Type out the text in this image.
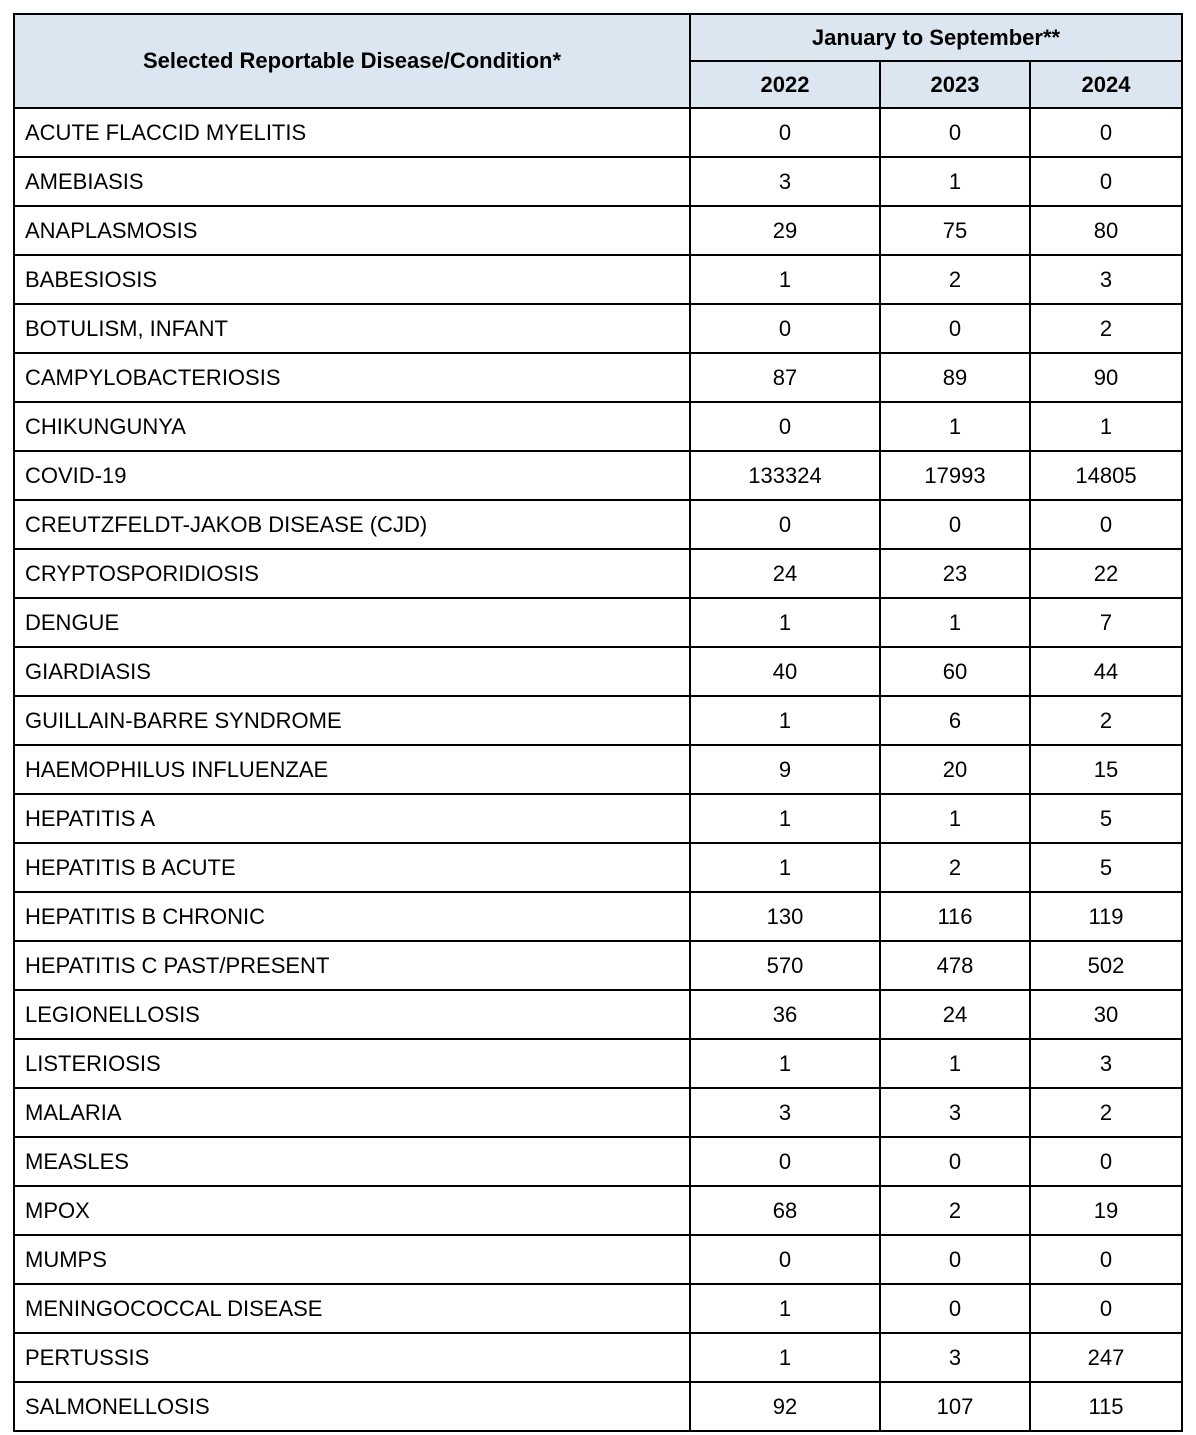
Selected Reportable Disease/Condition*	January to September**		
	2022	2023	2024
ACUTE FLACCID MYELITIS	0	0	0
AMEBIASIS	3	1	0
ANAPLASMOSIS	29	75	80
BABESIOSIS	1	2	3
BOTULISM, INFANT	0	0	2
CAMPYLOBACTERIOSIS	87	89	90
CHIKUNGUNYA	0	1	1
COVID-19	133324	17993	14805
CREUTZFELDT-JAKOB DISEASE (CJD)	0	0	0
CRYPTOSPORIDIOSIS	24	23	22
DENGUE	1	1	7
GIARDIASIS	40	60	44
GUILLAIN-BARRE SYNDROME	1	6	2
HAEMOPHILUS INFLUENZAE	9	20	15
HEPATITIS A	1	1	5
HEPATITIS B ACUTE	1	2	5
HEPATITIS B CHRONIC	130	116	119
HEPATITIS C PAST/PRESENT	570	478	502
LEGIONELLOSIS	36	24	30
LISTERIOSIS	1	1	3
MALARIA	3	3	2
MEASLES	0	0	0
MPOX	68	2	19
MUMPS	0	0	0
MENINGOCOCCAL DISEASE	1	0	0
PERTUSSIS	1	3	247
SALMONELLOSIS	92	107	115
